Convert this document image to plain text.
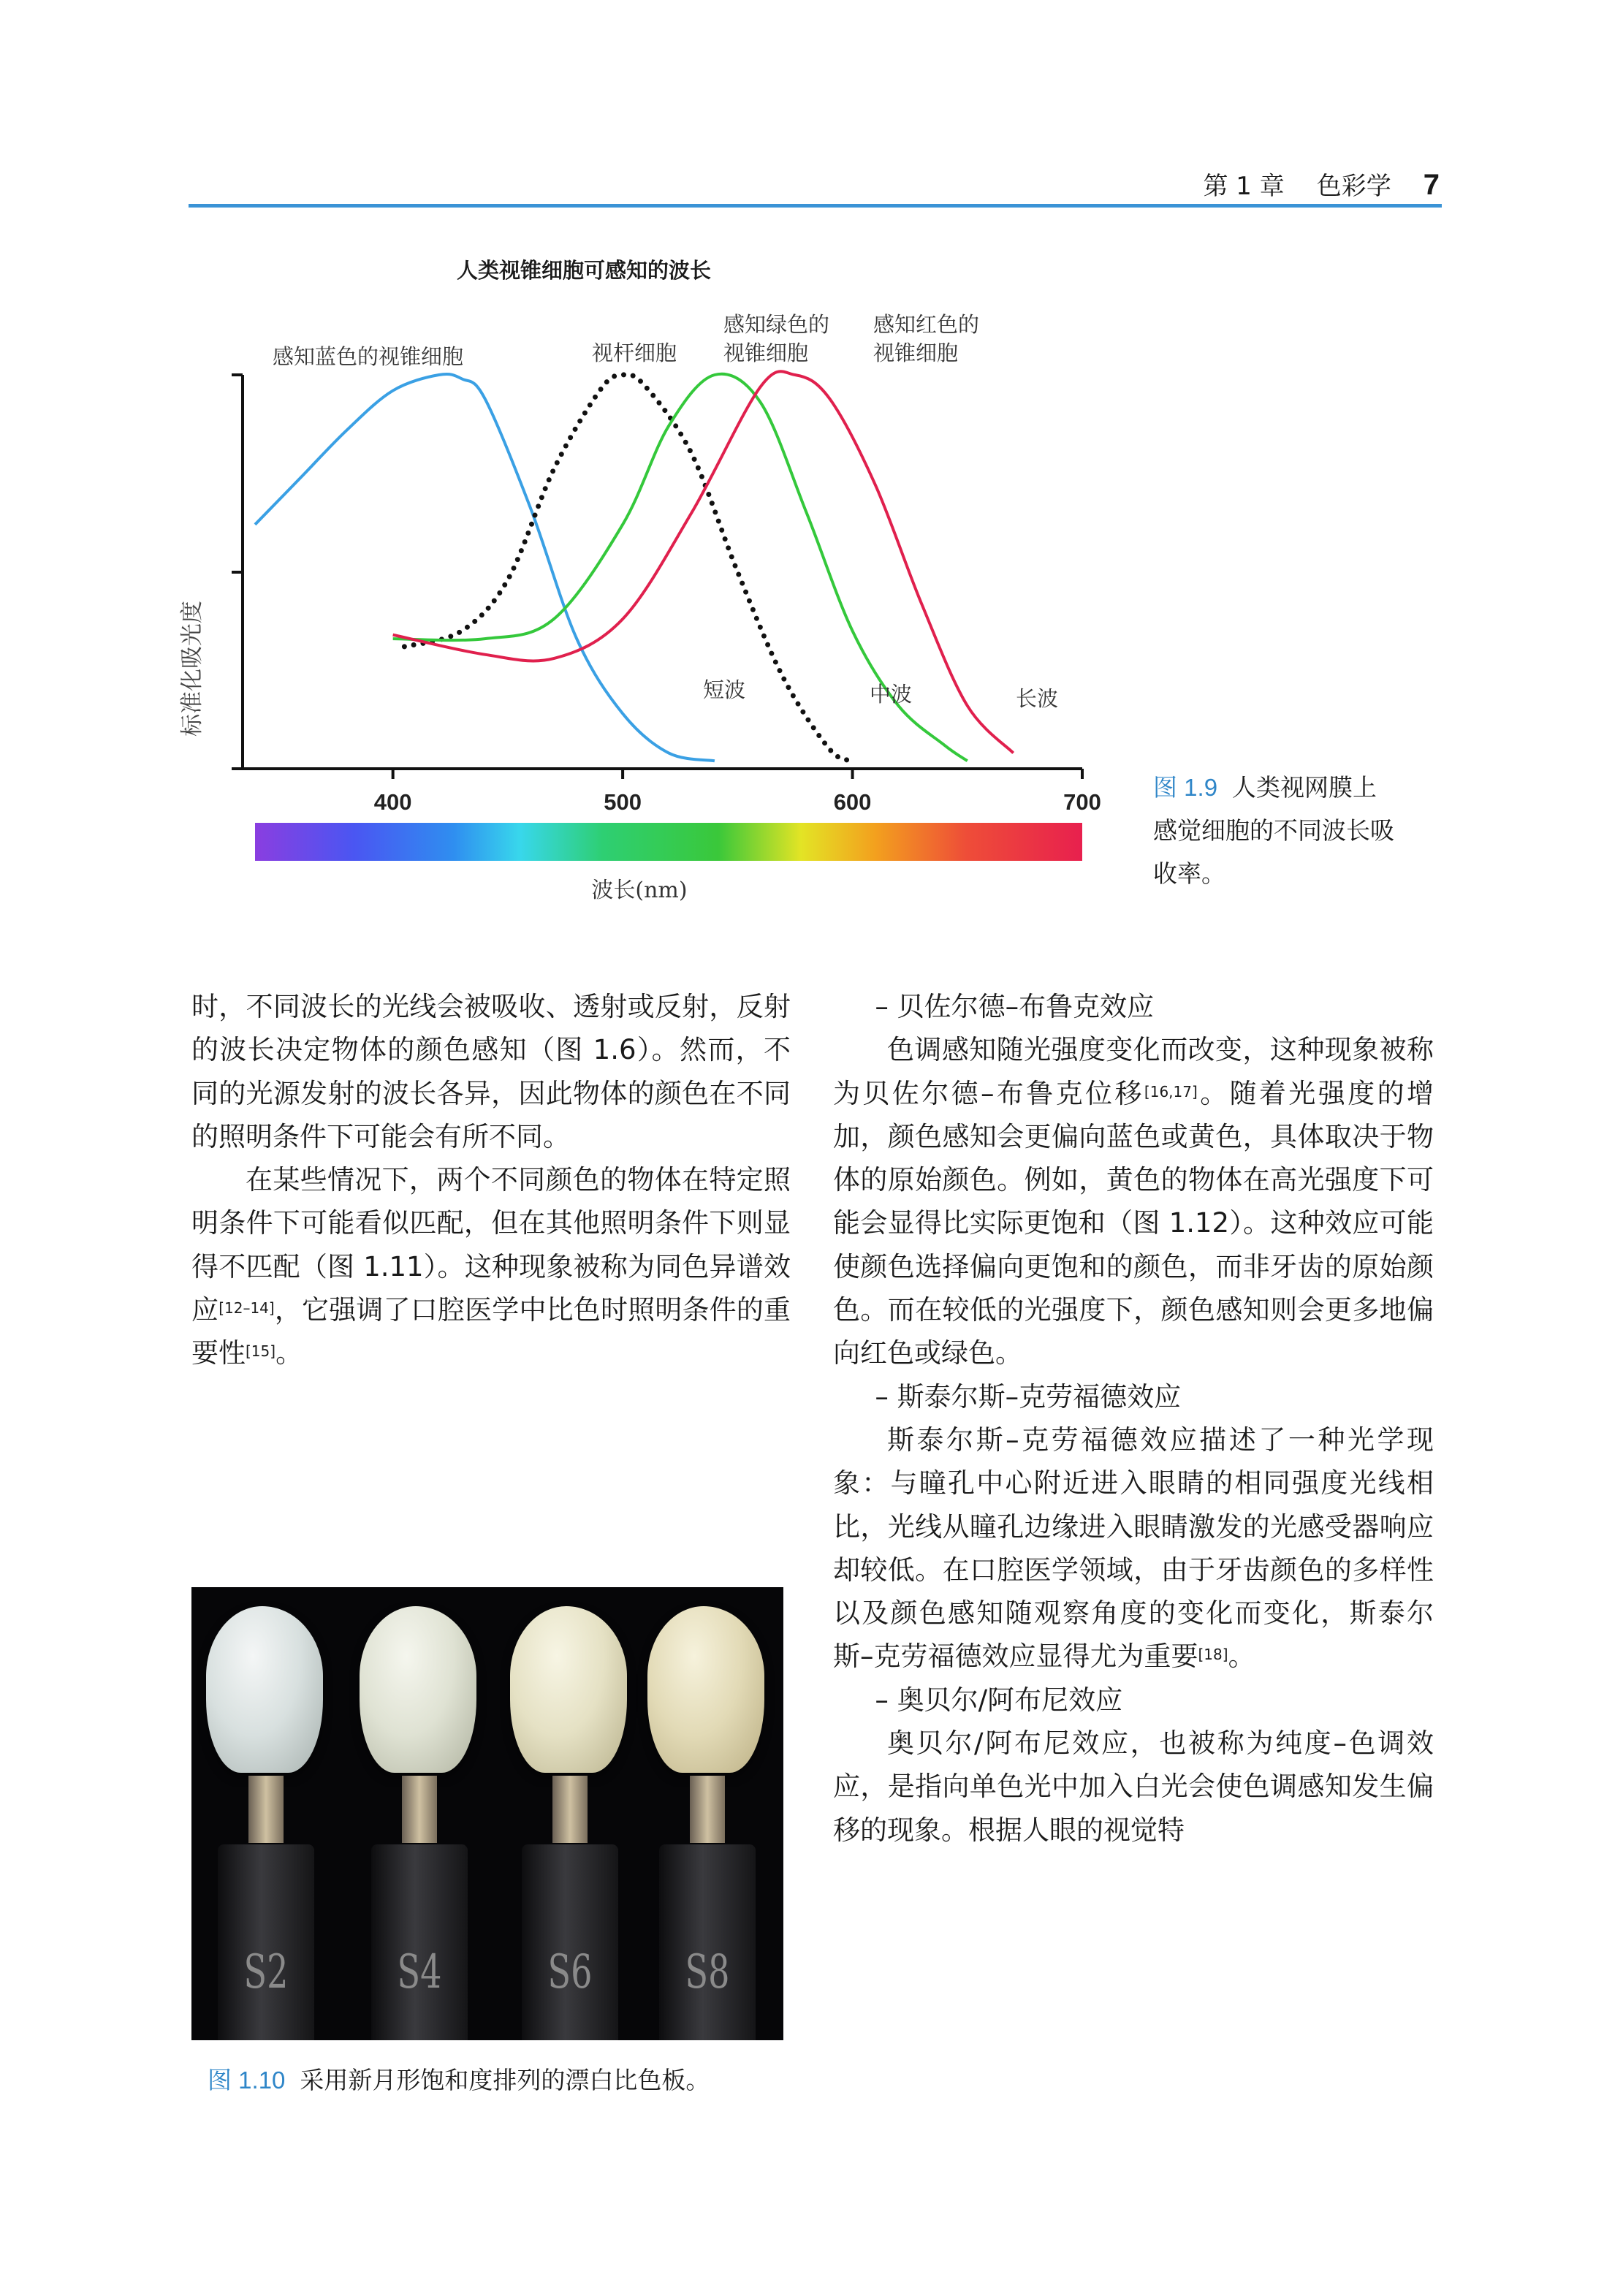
第 1 章 色彩学 7
人类视锥细胞可感知的波长
感知蓝色的视锥细胞	视杆细胞
感知绿色的
视锥细胞
感知红色的
视锥细胞
标准化吸光度
400	500	600	700
短波	中波	长波
波长(nm)
图 1.9 人类视网膜上
感觉细胞的不同波长吸
收率。

时，不同波长的光线会被吸收、透射或反射，反射的波长决定物体的颜色感知（图 1.6）。然而，不同的光源发射的波长各异，因此物体的颜色在不同的照明条件下可能会有所不同。

在某些情况下，两个不同颜色的物体在特定照明条件下可能看似匹配，但在其他照明条件下则显得不匹配（图 1.11）。这种现象被称为同色异谱效应[12–14]，它强调了口腔医学中比色时照明条件的重要性[15]。

– 贝佐尔德–布鲁克效应

色调感知随光强度变化而改变，这种现象被称为贝佐尔德–布鲁克位移[16,17]。随着光强度的增加，颜色感知会更偏向蓝色或黄色，具体取决于物体的原始颜色。例如，黄色的物体在高光强度下可能会显得比实际更饱和（图 1.12）。这种效应可能使颜色选择偏向更饱和的颜色，而非牙齿的原始颜色。而在较低的光强度下，颜色感知则会更多地偏向红色或绿色。

– 斯泰尔斯–克劳福德效应

斯泰尔斯–克劳福德效应描述了一种光学现象：与瞳孔中心附近进入眼睛的相同强度光线相比，光线从瞳孔边缘进入眼睛激发的光感受器响应却较低。在口腔医学领域，由于牙齿颜色的多样性以及颜色感知随观察角度的变化而变化，斯泰尔斯–克劳福德效应显得尤为重要[18]。

– 奥贝尔/阿布尼效应

奥贝尔/阿布尼效应，也被称为纯度–色调效应，是指向单色光中加入白光会使色调感知发生偏移的现象。根据人眼的视觉特

S2 S4 S6 S8
图 1.10 采用新月形饱和度排列的漂白比色板。
